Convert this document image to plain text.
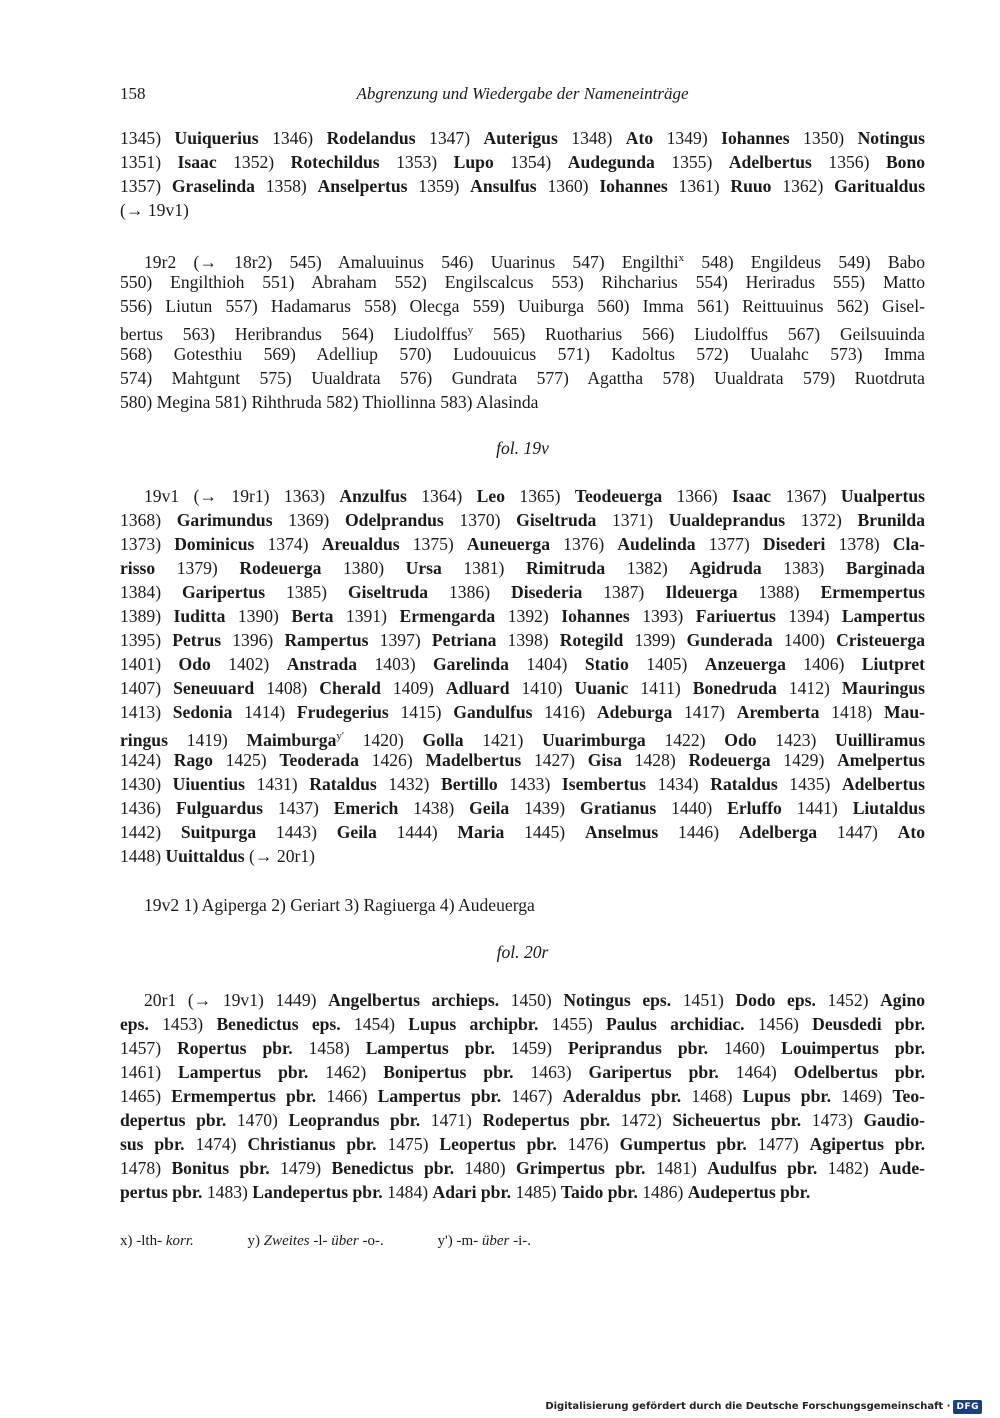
158	Abgrenzung und Wiedergabe der Nameneinträge
1345) Uuiquerius 1346) Rodelandus 1347) Auterigus 1348) Ato 1349) Iohannes 1350) Notingus
1351) Isaac 1352) Rotechildus 1353) Lupo 1354) Audegunda 1355) Adelbertus 1356) Bono
1357) Graselinda 1358) Anselpertus 1359) Ansulfus 1360) Iohannes 1361) Ruuo 1362) Garitualdus
(→ 19v1)
19r2 (→ 18r2) 545) Amaluuinus 546) Uuarinus 547) Engilthi$^x$ 548) Engildeus 549) Babo
550) Engilthioh 551) Abraham 552) Engilscalcus 553) Rihcharius 554) Heriradus 555) Matto
556) Liutun 557) Hadamarus 558) Olecga 559) Uuiburga 560) Imma 561) Reittuuinus 562) Gisel-
bertus 563) Heribrandus 564) Liudolffus$^y$ 565) Ruotharius 566) Liudolffus 567) Geilsuuinda
568) Gotesthiu 569) Adelliup 570) Ludouuicus 571) Kadoltus 572) Uualahc 573) Imma
574) Mahtgunt 575) Uualdrata 576) Gundrata 577) Agattha 578) Uualdrata 579) Ruotdruta
580) Megina 581) Rihthruda 582) Thiollinna 583) Alasinda
fol. 19v
19v1 (→ 19r1) 1363) Anzulfus 1364) Leo 1365) Teodeuerga 1366) Isaac 1367) Uualpertus
1368) Garimundus 1369) Odelprandus 1370) Giseltruda 1371) Uualdeprandus 1372) Brunilda
1373) Dominicus 1374) Areualdus 1375) Auneuerga 1376) Audelinda 1377) Disederi 1378) Cla-
risso 1379) Rodeuerga 1380) Ursa 1381) Rimitruda 1382) Agidruda 1383) Barginada
1384) Garipertus 1385) Giseltruda 1386) Disederia 1387) Ildeuerga 1388) Ermempertus
1389) Iuditta 1390) Berta 1391) Ermengarda 1392) Iohannes 1393) Fariuertus 1394) Lampertus
1395) Petrus 1396) Rampertus 1397) Petriana 1398) Rotegild 1399) Gunderada 1400) Cristeuerga
1401) Odo 1402) Anstrada 1403) Garelinda 1404) Statio 1405) Anzeuerga 1406) Liutpret
1407) Seneuuard 1408) Cherald 1409) Adluard 1410) Uuanic 1411) Bonedruda 1412) Mauringus
1413) Sedonia 1414) Frudegerius 1415) Gandulfus 1416) Adeburga 1417) Aremberta 1418) Mau-
ringus 1419) Maimburga$^{y'}$ 1420) Golla 1421) Uuarimburga 1422) Odo 1423) Uuilliramus
1424) Rago 1425) Teoderada 1426) Madelbertus 1427) Gisa 1428) Rodeuerga 1429) Amelpertus
1430) Uiuentius 1431) Rataldus 1432) Bertillo 1433) Isembertus 1434) Rataldus 1435) Adelbertus
1436) Fulguardus 1437) Emerich 1438) Geila 1439) Gratianus 1440) Erluffo 1441) Liutaldus
1442) Suitpurga 1443) Geila 1444) Maria 1445) Anselmus 1446) Adelberga 1447) Ato
1448) Uuittaldus (→ 20r1)
19v2 1) Agiperga 2) Geriart 3) Ragiuerga 4) Audeuerga
fol. 20r
20r1 (→ 19v1) 1449) Angelbertus archieps. 1450) Notingus eps. 1451) Dodo eps. 1452) Agino
eps. 1453) Benedictus eps. 1454) Lupus archipbr. 1455) Paulus archidiac. 1456) Deusdedi pbr.
1457) Ropertus pbr. 1458) Lampertus pbr. 1459) Periprandus pbr. 1460) Louimpertus pbr.
1461) Lampertus pbr. 1462) Bonipertus pbr. 1463) Garipertus pbr. 1464) Odelbertus pbr.
1465) Ermempertus pbr. 1466) Lampertus pbr. 1467) Aderaldus pbr. 1468) Lupus pbr. 1469) Teo-
depertus pbr. 1470) Leoprandus pbr. 1471) Rodepertus pbr. 1472) Sicheuertus pbr. 1473) Gaudio-
sus pbr. 1474) Christianus pbr. 1475) Leopertus pbr. 1476) Gumpertus pbr. 1477) Agipertus pbr.
1478) Bonitus pbr. 1479) Benedictus pbr. 1480) Grimpertus pbr. 1481) Audulfus pbr. 1482) Aude-
pertus pbr. 1483) Landepertus pbr. 1484) Adari pbr. 1485) Taido pbr. 1486) Audepertus pbr.
x) -lth- korr.	y) Zweites -l- über -o-.	y') -m- über -i-.
Digitalisierung gefördert durch die Deutsche Forschungsgemeinschaft · DFG
